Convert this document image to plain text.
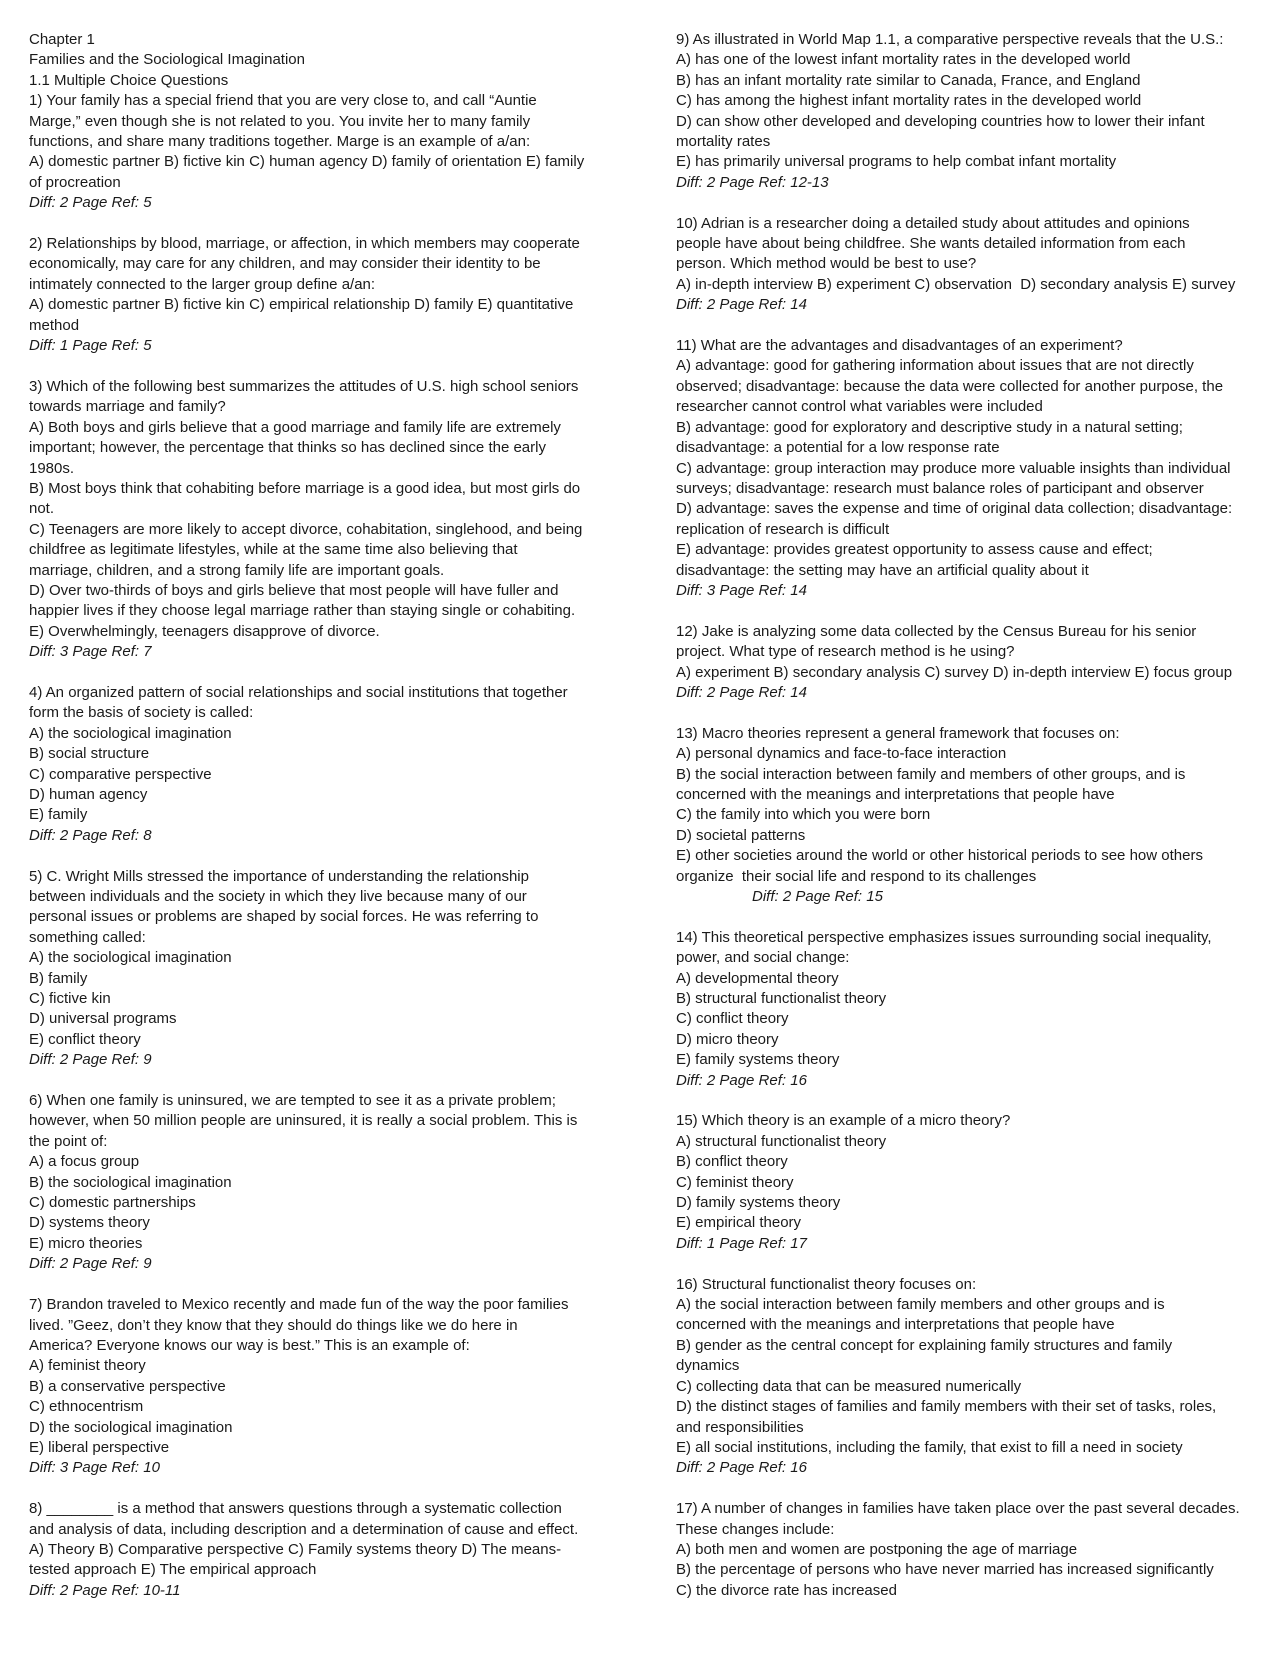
Chapter 1
Families and the Sociological Imagination
1.1 Multiple Choice Questions
1) Your family has a special friend that you are very close to, and call “Auntie
Marge,” even though she is not related to you. You invite her to many family
functions, and share many traditions together. Marge is an example of a/an:
A) domestic partner B) fictive kin C) human agency D) family of orientation E) family
of procreation
Diff: 2 Page Ref: 5
2) Relationships by blood, marriage, or affection, in which members may cooperate
economically, may care for any children, and may consider their identity to be
intimately connected to the larger group define a/an:
A) domestic partner B) fictive kin C) empirical relationship D) family E) quantitative
method
Diff: 1 Page Ref: 5
3) Which of the following best summarizes the attitudes of U.S. high school seniors
towards marriage and family?
A) Both boys and girls believe that a good marriage and family life are extremely
important; however, the percentage that thinks so has declined since the early
1980s.
B) Most boys think that cohabiting before marriage is a good idea, but most girls do
not.
C) Teenagers are more likely to accept divorce, cohabitation, singlehood, and being
childfree as legitimate lifestyles, while at the same time also believing that
marriage, children, and a strong family life are important goals.
D) Over two-thirds of boys and girls believe that most people will have fuller and
happier lives if they choose legal marriage rather than staying single or cohabiting.
E) Overwhelmingly, teenagers disapprove of divorce.
Diff: 3 Page Ref: 7
4) An organized pattern of social relationships and social institutions that together
form the basis of society is called:
A) the sociological imagination
B) social structure
C) comparative perspective
D) human agency
E) family
Diff: 2 Page Ref: 8
5) C. Wright Mills stressed the importance of understanding the relationship
between individuals and the society in which they live because many of our
personal issues or problems are shaped by social forces. He was referring to
something called:
A) the sociological imagination
B) family
C) fictive kin
D) universal programs
E) conflict theory
Diff: 2 Page Ref: 9
6) When one family is uninsured, we are tempted to see it as a private problem;
however, when 50 million people are uninsured, it is really a social problem. This is
the point of:
A) a focus group
B) the sociological imagination
C) domestic partnerships
D) systems theory
E) micro theories
Diff: 2 Page Ref: 9
7) Brandon traveled to Mexico recently and made fun of the way the poor families
lived. ”Geez, don’t they know that they should do things like we do here in
America? Everyone knows our way is best.” This is an example of:
A) feminist theory
B) a conservative perspective
C) ethnocentrism
D) the sociological imagination
E) liberal perspective
Diff: 3 Page Ref: 10
8) ________ is a method that answers questions through a systematic collection
and analysis of data, including description and a determination of cause and effect.
A) Theory B) Comparative perspective C) Family systems theory D) The means-
tested approach E) The empirical approach
Diff: 2 Page Ref: 10-11
9) As illustrated in World Map 1.1, a comparative perspective reveals that the U.S.:
A) has one of the lowest infant mortality rates in the developed world
B) has an infant mortality rate similar to Canada, France, and England
C) has among the highest infant mortality rates in the developed world
D) can show other developed and developing countries how to lower their infant
mortality rates
E) has primarily universal programs to help combat infant mortality
Diff: 2 Page Ref: 12-13
10) Adrian is a researcher doing a detailed study about attitudes and opinions
people have about being childfree. She wants detailed information from each
person. Which method would be best to use?
A) in-depth interview B) experiment C) observation  D) secondary analysis E) survey
Diff: 2 Page Ref: 14
11) What are the advantages and disadvantages of an experiment?
A) advantage: good for gathering information about issues that are not directly
observed; disadvantage: because the data were collected for another purpose, the
researcher cannot control what variables were included
B) advantage: good for exploratory and descriptive study in a natural setting;
disadvantage: a potential for a low response rate
C) advantage: group interaction may produce more valuable insights than individual
surveys; disadvantage: research must balance roles of participant and observer
D) advantage: saves the expense and time of original data collection; disadvantage:
replication of research is difficult
E) advantage: provides greatest opportunity to assess cause and effect;
disadvantage: the setting may have an artificial quality about it
Diff: 3 Page Ref: 14
12) Jake is analyzing some data collected by the Census Bureau for his senior
project. What type of research method is he using?
A) experiment B) secondary analysis C) survey D) in-depth interview E) focus group
Diff: 2 Page Ref: 14
13) Macro theories represent a general framework that focuses on:
A) personal dynamics and face-to-face interaction
B) the social interaction between family and members of other groups, and is
concerned with the meanings and interpretations that people have
C) the family into which you were born
D) societal patterns
E) other societies around the world or other historical periods to see how others
organize  their social life and respond to its challenges
Diff: 2 Page Ref: 15
14) This theoretical perspective emphasizes issues surrounding social inequality,
power, and social change:
A) developmental theory
B) structural functionalist theory
C) conflict theory
D) micro theory
E) family systems theory
Diff: 2 Page Ref: 16
15) Which theory is an example of a micro theory?
A) structural functionalist theory
B) conflict theory
C) feminist theory
D) family systems theory
E) empirical theory
Diff: 1 Page Ref: 17
16) Structural functionalist theory focuses on:
A) the social interaction between family members and other groups and is
concerned with the meanings and interpretations that people have
B) gender as the central concept for explaining family structures and family
dynamics
C) collecting data that can be measured numerically
D) the distinct stages of families and family members with their set of tasks, roles,
and responsibilities
E) all social institutions, including the family, that exist to fill a need in society
Diff: 2 Page Ref: 16
17) A number of changes in families have taken place over the past several decades.
These changes include:
A) both men and women are postponing the age of marriage
B) the percentage of persons who have never married has increased significantly
C) the divorce rate has increased
